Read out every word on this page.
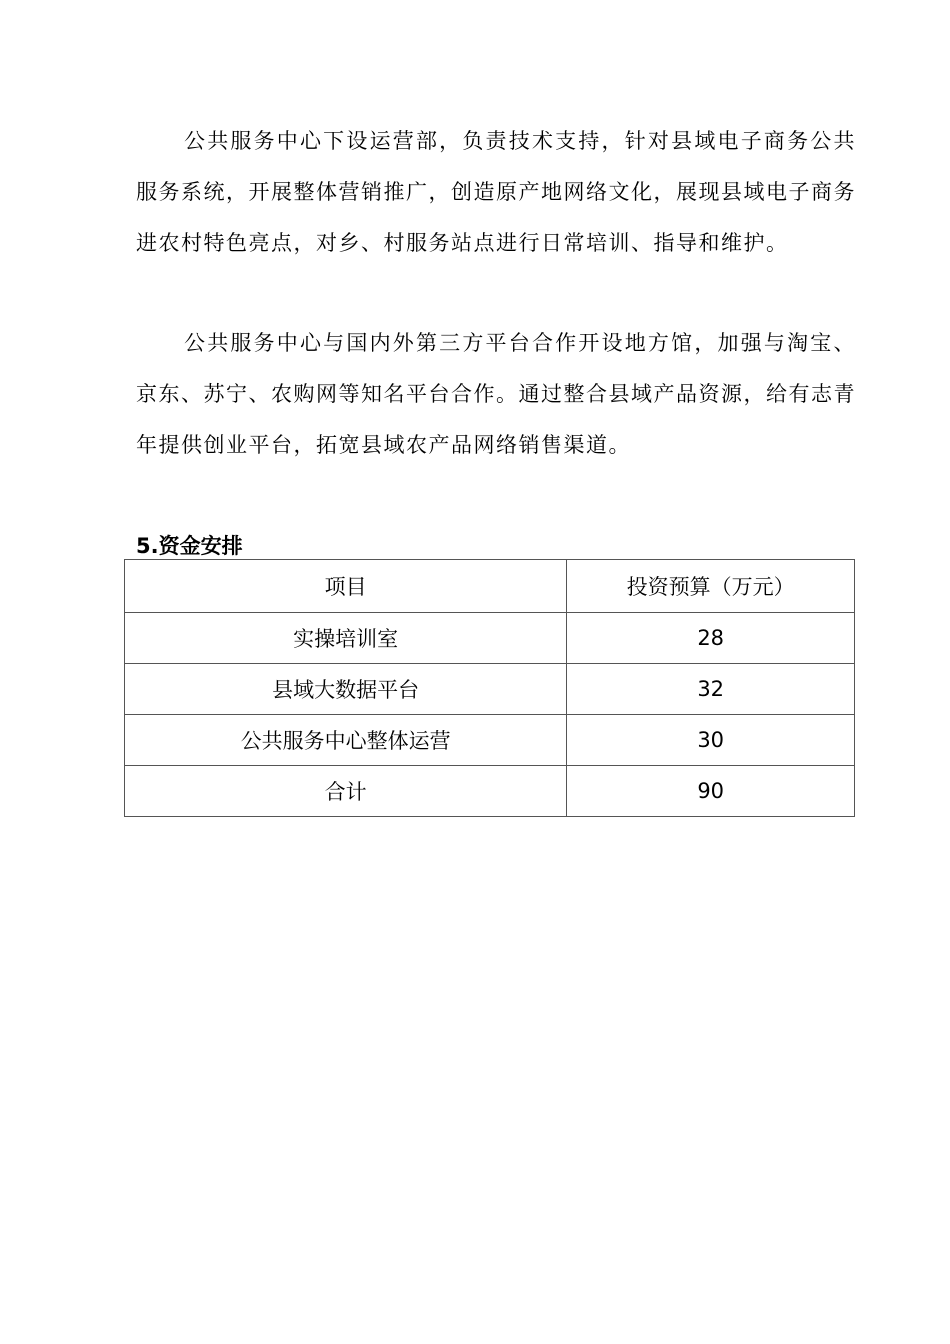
公共服务中心下设运营部，负责技术支持，针对县域电子商务公共服务系统，开展整体营销推广，创造原产地网络文化，展现县域电子商务进农村特色亮点，对乡、村服务站点进行日常培训、指导和维护。

公共服务中心与国内外第三方平台合作开设地方馆，加强与淘宝、京东、苏宁、农购网等知名平台合作。通过整合县域产品资源，给有志青年提供创业平台，拓宽县域农产品网络销售渠道。

5.资金安排
项目	投资预算（万元）
实操培训室	28
县域大数据平台	32
公共服务中心整体运营	30
合计	90
